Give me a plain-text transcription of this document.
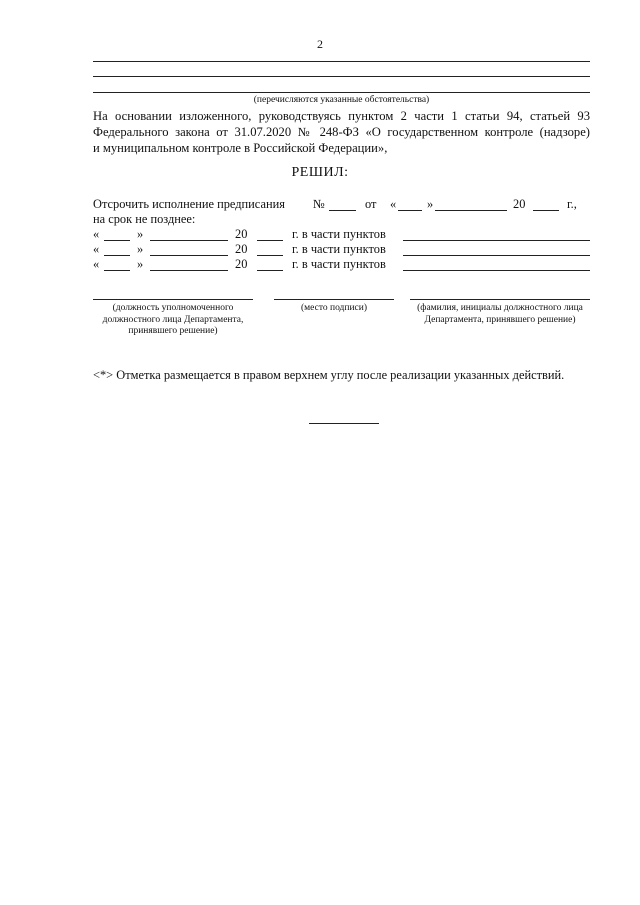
2
(перечисляются указанные обстоятельства)
На основании изложенного, руководствуясь пунктом 2 части 1 статьи 94, статьей 93
Федерального закона от 31.07.2020 № 248-ФЗ «О государственном контроле (надзоре)
и муниципальном контроле в Российской Федерации»,
РЕШИЛ:
Отсрочить исполнение предписания №	от « »	20	г.,
на срок не позднее:
«	»	20	г. в части пунктов
«	»	20	г. в части пунктов
«	»	20	г. в части пунктов
(должность уполномоченного должностного лица Департамента, принявшего решение)
(место подписи)	(фамилия, инициалы должностного лица Департамента, принявшего решение)
<*> Отметка размещается в правом верхнем углу после реализации указанных действий.
